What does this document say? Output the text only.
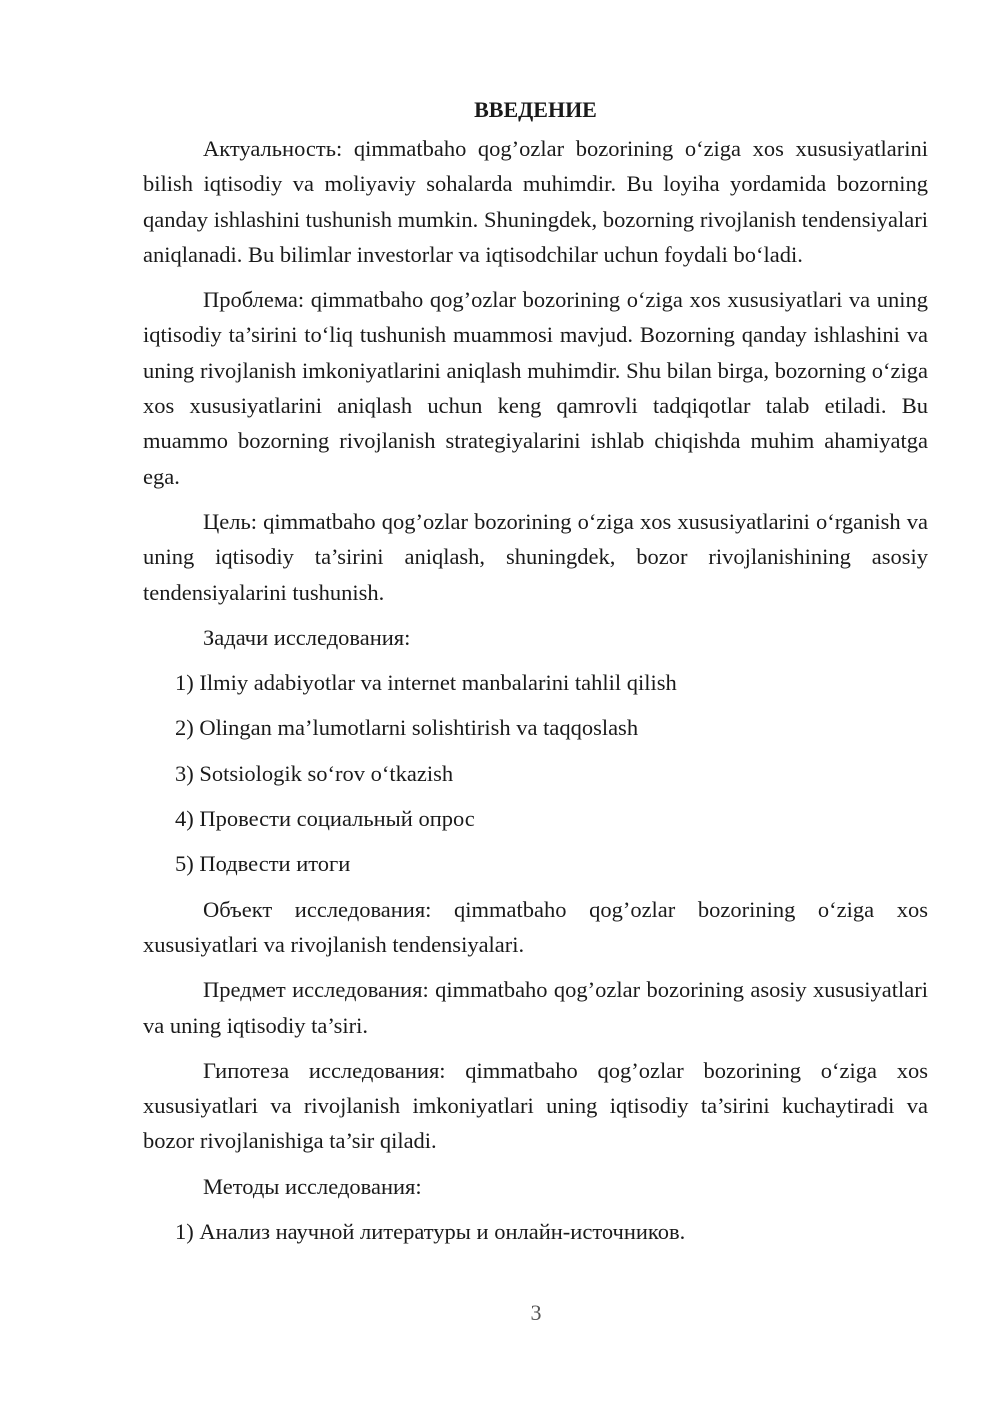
ВВЕДЕНИЕ

Актуальность: qimmatbaho qog’ozlar bozorining o‘ziga xos xususiyatlarini bilish iqtisodiy va moliyaviy sohalarda muhimdir. Bu loyiha yordamida bozorning qanday ishlashini tushunish mumkin. Shuningdek, bozorning rivojlanish tendensiyalari aniqlanadi. Bu bilimlar investorlar va iqtisodchilar uchun foydali bo‘ladi.

Проблема: qimmatbaho qog’ozlar bozorining o‘ziga xos xususiyatlari va uning iqtisodiy ta’sirini to‘liq tushunish muammosi mavjud. Bozorning qanday ishlashini va uning rivojlanish imkoniyatlarini aniqlash muhimdir. Shu bilan birga, bozorning o‘ziga xos xususiyatlarini aniqlash uchun keng qamrovli tadqiqotlar talab etiladi. Bu muammo bozorning rivojlanish strategiyalarini ishlab chiqishda muhim ahamiyatga ega.

Цель: qimmatbaho qog’ozlar bozorining o‘ziga xos xususiyatlarini o‘rganish va uning iqtisodiy ta’sirini aniqlash, shuningdek, bozor rivojlanishining asosiy tendensiyalarini tushunish.

Задачи исследования:

1) Ilmiy adabiyotlar va internet manbalarini tahlil qilish
2) Olingan ma’lumotlarni solishtirish va taqqoslash
3) Sotsiologik so‘rov o‘tkazish
4) Провести социальный опрос
5) Подвести итоги

Объект исследования: qimmatbaho qog’ozlar bozorining o‘ziga xos xususiyatlari va rivojlanish tendensiyalari.

Предмет исследования: qimmatbaho qog’ozlar bozorining asosiy xususiyatlari va uning iqtisodiy ta’siri.

Гипотеза исследования: qimmatbaho qog’ozlar bozorining o‘ziga xos xususiyatlari va rivojlanish imkoniyatlari uning iqtisodiy ta’sirini kuchaytiradi va bozor rivojlanishiga ta’sir qiladi.

Методы исследования:

1) Анализ научной литературы и онлайн-источников.
3
